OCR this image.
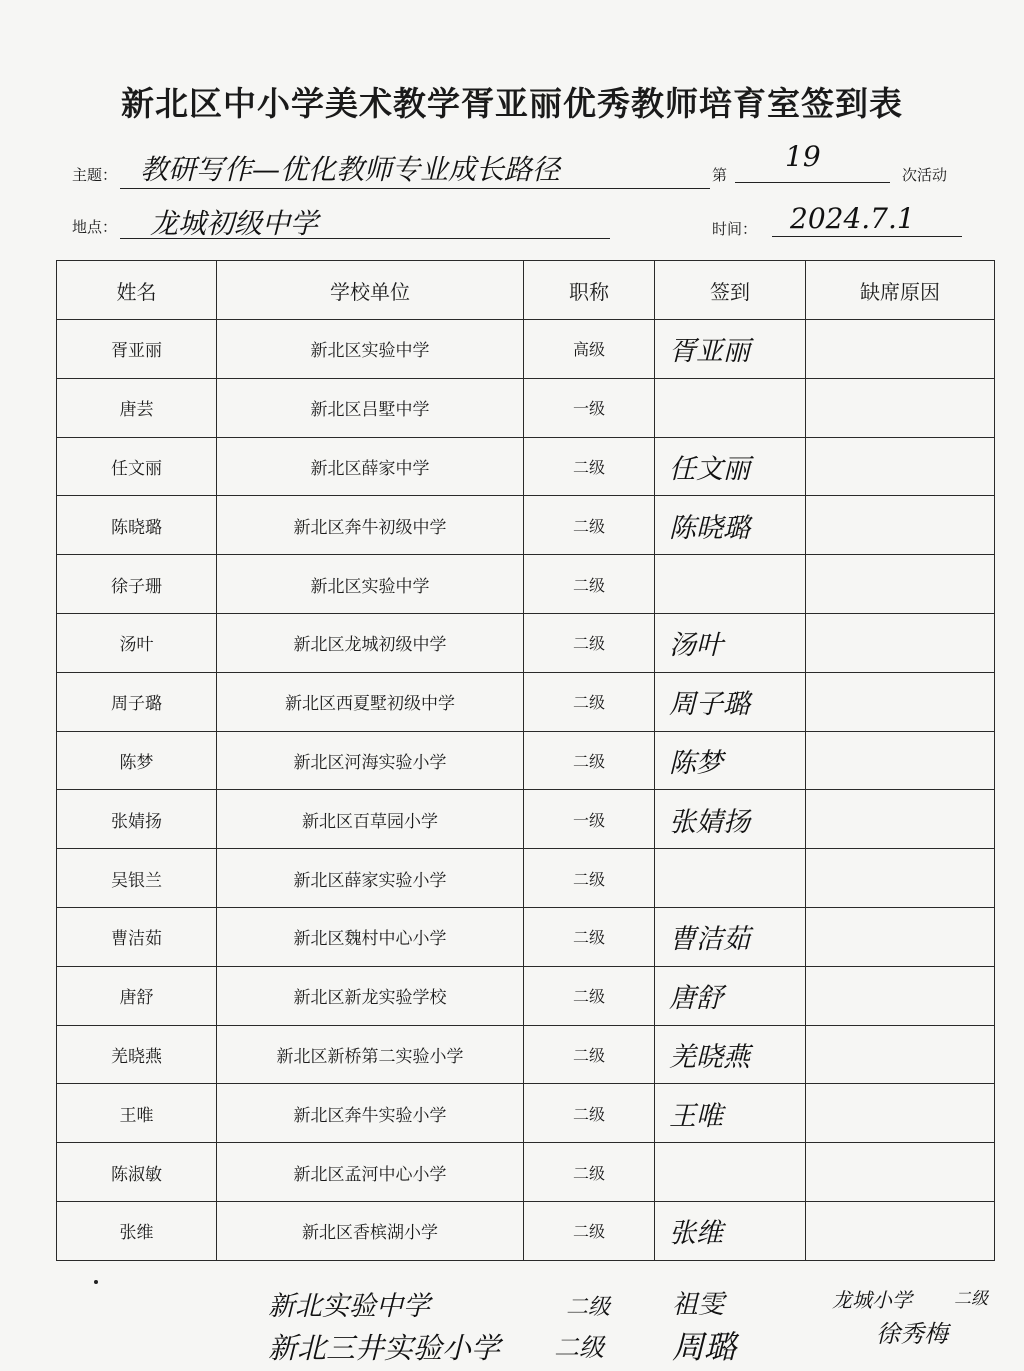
新北区中小学美术教学胥亚丽优秀教师培育室签到表
主题： 教研写作—优化教师专业成长路径	第
19
次活动
地点： 龙城初级中学	时间： 2024.7.1
姓名	学校单位	职称	签到	缺席原因
胥亚丽	新北区实验中学	高级	胥亚丽	
唐芸	新北区吕墅中学	一级		
任文丽	新北区薛家中学	二级	任文丽	
陈晓璐	新北区奔牛初级中学	二级	陈晓璐	
徐子珊	新北区实验中学	二级		
汤叶	新北区龙城初级中学	二级	汤叶	
周子璐	新北区西夏墅初级中学	二级	周子璐	
陈梦	新北区河海实验小学	二级	陈梦	
张婧扬	新北区百草园小学	一级	张婧扬	
吴银兰	新北区薛家实验小学	二级		
曹洁茹	新北区魏村中心小学	二级	曹洁茹	
唐舒	新北区新龙实验学校	二级	唐舒	
羌晓燕	新北区新桥第二实验小学	二级	羌晓燕	
王唯	新北区奔牛实验小学	二级	王唯	
陈淑敏	新北区孟河中心小学	二级		
张维	新北区香槟湖小学	二级	张维	
新北实验中学	二级 祖雯	龙城小学 二级
新北三井实验小学 二级 周璐	徐秀梅
